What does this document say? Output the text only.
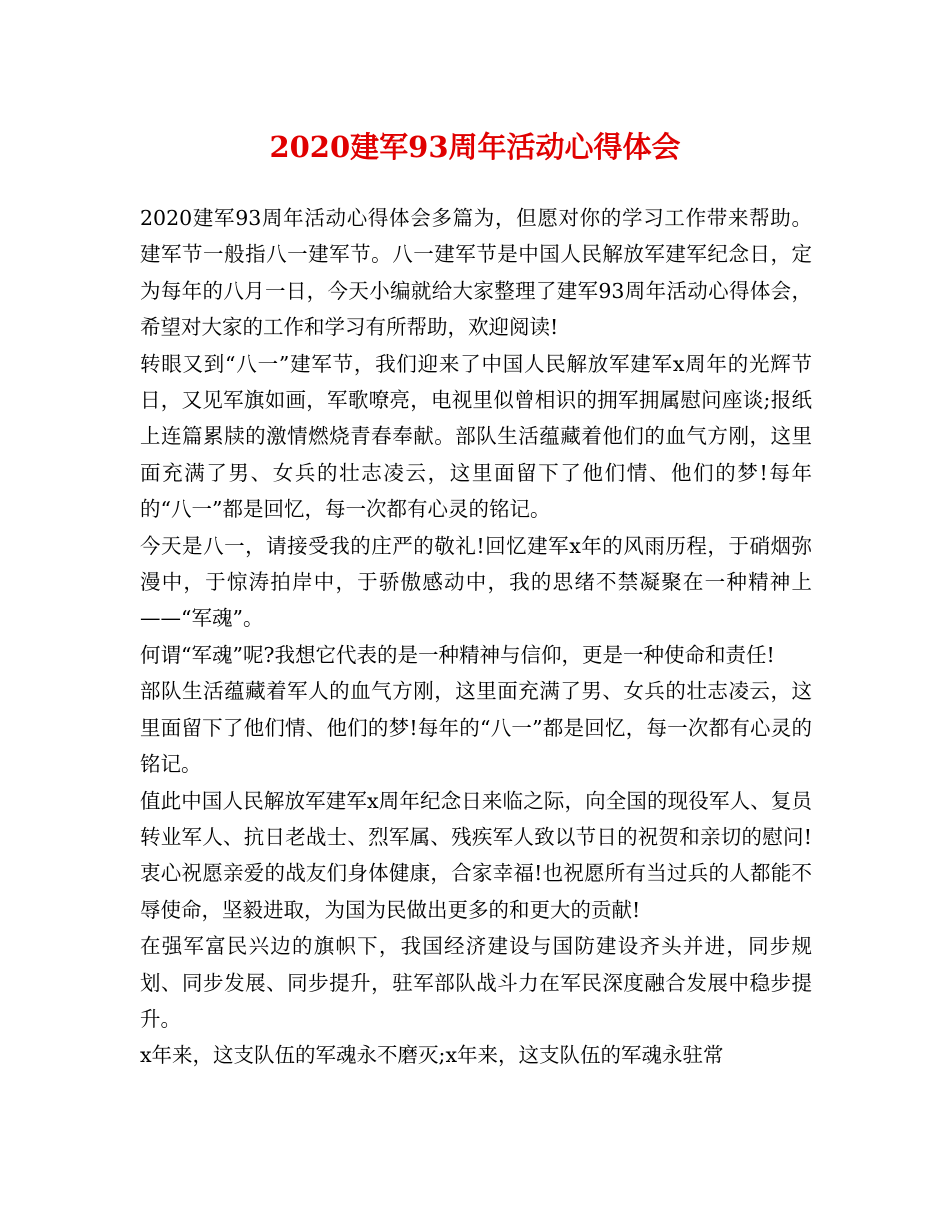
2020建军93周年活动心得体会

2020建军93周年活动心得体会多篇为，但愿对你的学习工作带来帮助。建军节一般指八一建军节。八一建军节是中国人民解放军建军纪念日，定为每年的八月一日，今天小编就给大家整理了建军93周年活动心得体会，希望对大家的工作和学习有所帮助，欢迎阅读!

转眼又到“八一”建军节，我们迎来了中国人民解放军建军x周年的光辉节日，又见军旗如画，军歌嘹亮，电视里似曾相识的拥军拥属慰问座谈;报纸上连篇累牍的激情燃烧青春奉献。部队生活蕴藏着他们的血气方刚，这里面充满了男、女兵的壮志凌云，这里面留下了他们情、他们的梦!每年的“八一”都是回忆，每一次都有心灵的铭记。

今天是八一，请接受我的庄严的敬礼!回忆建军x年的风雨历程，于硝烟弥漫中，于惊涛拍岸中，于骄傲感动中，我的思绪不禁凝聚在一种精神上——“军魂”。

何谓“军魂”呢?我想它代表的是一种精神与信仰，更是一种使命和责任!

部队生活蕴藏着军人的血气方刚，这里面充满了男、女兵的壮志凌云，这里面留下了他们情、他们的梦!每年的“八一”都是回忆，每一次都有心灵的铭记。

值此中国人民解放军建军x周年纪念日来临之际，向全国的现役军人、复员转业军人、抗日老战士、烈军属、残疾军人致以节日的祝贺和亲切的慰问!衷心祝愿亲爱的战友们身体健康，合家幸福!也祝愿所有当过兵的人都能不辱使命，坚毅进取，为国为民做出更多的和更大的贡献!

在强军富民兴边的旗帜下，我国经济建设与国防建设齐头并进，同步规划、同步发展、同步提升，驻军部队战斗力在军民深度融合发展中稳步提升。

x年来，这支队伍的军魂永不磨灭;x年来，这支队伍的军魂永驻常
